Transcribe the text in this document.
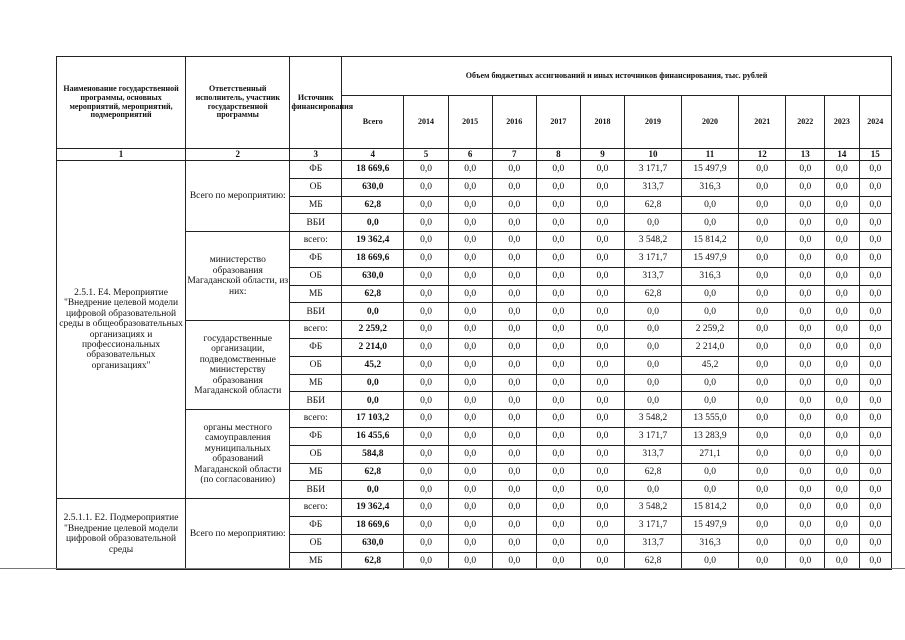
Наименование государственной программы, основных мероприятий, мероприятий, подмероприятий	Ответственный исполнитель, участник государственной программы	Источник финансирования	Объем бюджетных ассигнований и иных источников финансирования, тыс. рублей											
			Всего	2014	2015	2016	2017	2018	2019	2020	2021	2022	2023	2024
1	2	3	4	5	6	7	8	9	10	11	12	13	14	15
2.5.1. Е4. Мероприятие "Внедрение целевой модели цифровой образовательной среды в общеобразовательных организациях и профессиональных образовательных организациях"	Всего по мероприятию:	ФБ	18 669,6	0,0	0,0	0,0	0,0	0,0	3 171,7	15 497,9	0,0	0,0	0,0	0,0
		ОБ	630,0	0,0	0,0	0,0	0,0	0,0	313,7	316,3	0,0	0,0	0,0	0,0
		МБ	62,8	0,0	0,0	0,0	0,0	0,0	62,8	0,0	0,0	0,0	0,0	0,0
		ВБИ	0,0	0,0	0,0	0,0	0,0	0,0	0,0	0,0	0,0	0,0	0,0	0,0
	министерство образования Магаданской области, из них:	всего:	19 362,4	0,0	0,0	0,0	0,0	0,0	3 548,2	15 814,2	0,0	0,0	0,0	0,0
		ФБ	18 669,6	0,0	0,0	0,0	0,0	0,0	3 171,7	15 497,9	0,0	0,0	0,0	0,0
		ОБ	630,0	0,0	0,0	0,0	0,0	0,0	313,7	316,3	0,0	0,0	0,0	0,0
		МБ	62,8	0,0	0,0	0,0	0,0	0,0	62,8	0,0	0,0	0,0	0,0	0,0
		ВБИ	0,0	0,0	0,0	0,0	0,0	0,0	0,0	0,0	0,0	0,0	0,0	0,0
	государственные организации, подведомственные министерству образования Магаданской области	всего:	2 259,2	0,0	0,0	0,0	0,0	0,0	0,0	2 259,2	0,0	0,0	0,0	0,0
		ФБ	2 214,0	0,0	0,0	0,0	0,0	0,0	0,0	2 214,0	0,0	0,0	0,0	0,0
		ОБ	45,2	0,0	0,0	0,0	0,0	0,0	0,0	45,2	0,0	0,0	0,0	0,0
		МБ	0,0	0,0	0,0	0,0	0,0	0,0	0,0	0,0	0,0	0,0	0,0	0,0
		ВБИ	0,0	0,0	0,0	0,0	0,0	0,0	0,0	0,0	0,0	0,0	0,0	0,0
	органы местного самоуправления муниципальных образований Магаданской области (по согласованию)	всего:	17 103,2	0,0	0,0	0,0	0,0	0,0	3 548,2	13 555,0	0,0	0,0	0,0	0,0
		ФБ	16 455,6	0,0	0,0	0,0	0,0	0,0	3 171,7	13 283,9	0,0	0,0	0,0	0,0
		ОБ	584,8	0,0	0,0	0,0	0,0	0,0	313,7	271,1	0,0	0,0	0,0	0,0
		МБ	62,8	0,0	0,0	0,0	0,0	0,0	62,8	0,0	0,0	0,0	0,0	0,0
		ВБИ	0,0	0,0	0,0	0,0	0,0	0,0	0,0	0,0	0,0	0,0	0,0	0,0
2.5.1.1. Е2. Подмероприятие "Внедрение целевой модели цифровой образовательной среды	Всего по мероприятию:	всего:	19 362,4	0,0	0,0	0,0	0,0	0,0	3 548,2	15 814,2	0,0	0,0	0,0	0,0
		ФБ	18 669,6	0,0	0,0	0,0	0,0	0,0	3 171,7	15 497,9	0,0	0,0	0,0	0,0
		ОБ	630,0	0,0	0,0	0,0	0,0	0,0	313,7	316,3	0,0	0,0	0,0	0,0
		МБ	62,8	0,0	0,0	0,0	0,0	0,0	62,8	0,0	0,0	0,0	0,0	0,0
